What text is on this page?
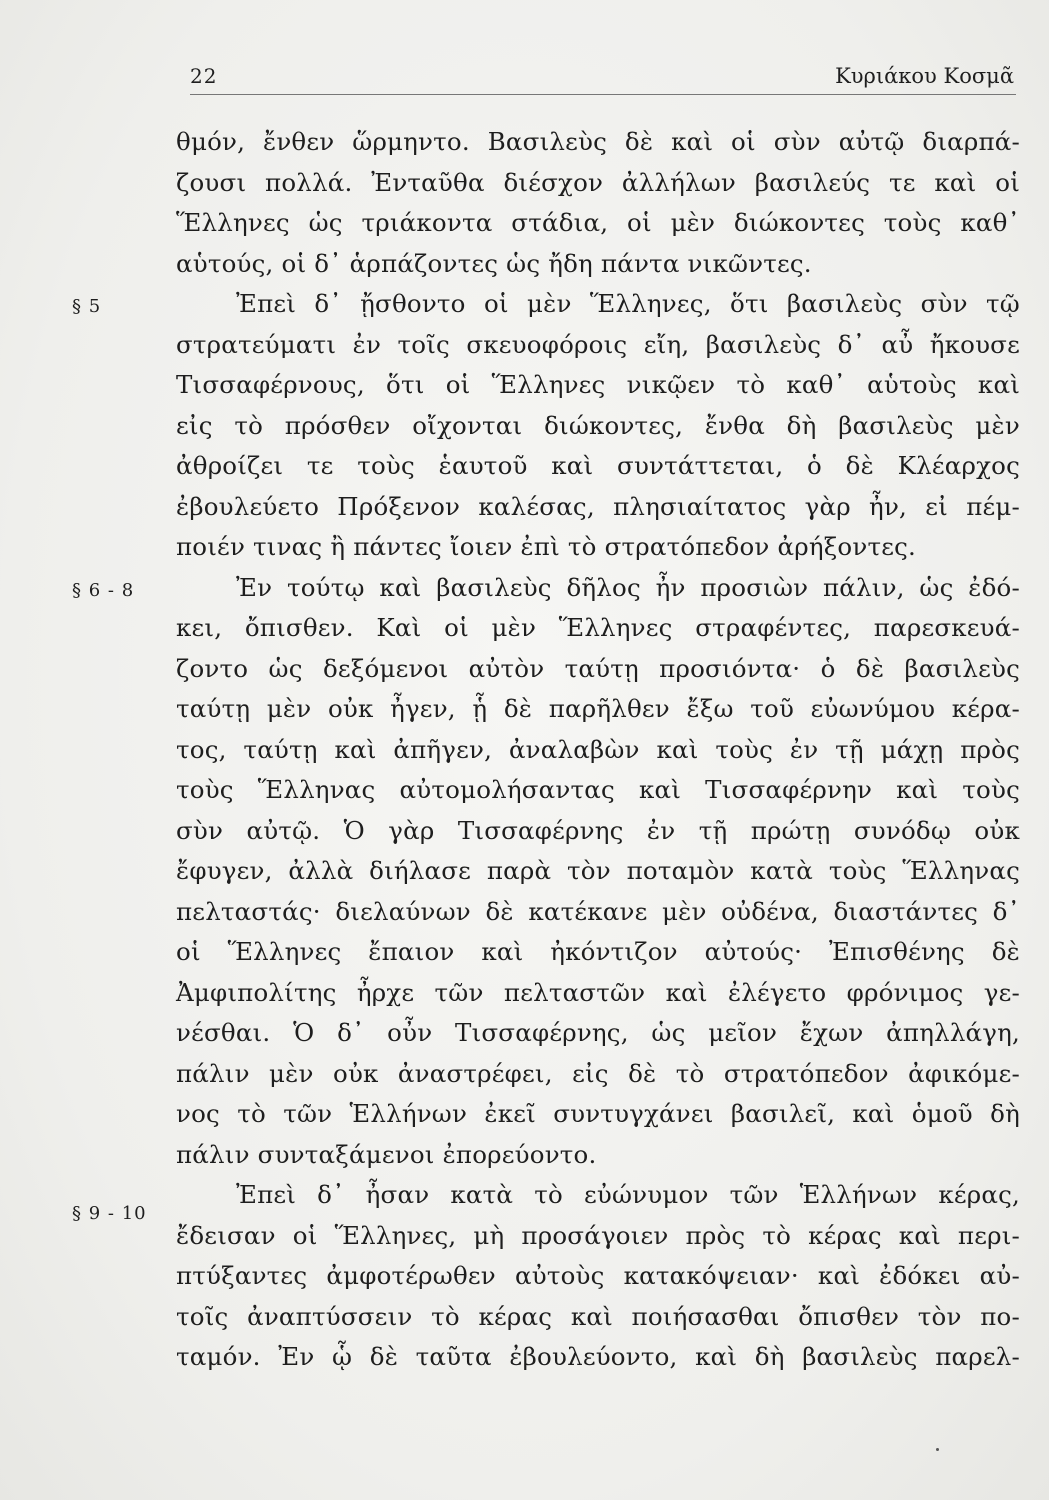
22	Κυριάκου Κοσμᾶ
§ 5
§ 6 - 8
§ 9 - 10
θμόν, ἔνθεν ὥρμηντο. Βασιλεὺς δὲ καὶ οἱ σὺν αὐτῷ διαρπά-
ζουσι πολλά. Ἐνταῦθα διέσχον ἀλλήλων βασιλεύς τε καὶ οἱ
Ἕλληνες ὡς τριάκοντα στάδια, οἱ μὲν διώκοντες τοὺς καθ᾽
αὑτούς, οἱ δ᾽ ἁρπάζοντες ὡς ἤδη πάντα νικῶντες.
Ἐπεὶ δ᾽ ᾔσθοντο οἱ μὲν Ἕλληνες, ὅτι βασιλεὺς σὺν τῷ
στρατεύματι ἐν τοῖς σκευοφόροις εἴη, βασιλεὺς δ᾽ αὖ ἤκουσε
Τισσαφέρνους, ὅτι οἱ Ἕλληνες νικῷεν τὸ καθ᾽ αὑτοὺς καὶ
εἰς τὸ πρόσθεν οἴχονται διώκοντες, ἔνθα δὴ βασιλεὺς μὲν
ἀθροίζει τε τοὺς ἑαυτοῦ καὶ συντάττεται, ὁ δὲ Κλέαρχος
ἐβουλεύετο Πρόξενον καλέσας, πλησιαίτατος γὰρ ἦν, εἰ πέμ-
ποιέν τινας ἢ πάντες ἴοιεν ἐπὶ τὸ στρατόπεδον ἀρήξοντες.
Ἐν τούτῳ καὶ βασιλεὺς δῆλος ἦν προσιὼν πάλιν, ὡς ἐδό-
κει, ὄπισθεν. Καὶ οἱ μὲν Ἕλληνες στραφέντες, παρεσκευά-
ζοντο ὡς δεξόμενοι αὐτὸν ταύτῃ προσιόντα· ὁ δὲ βασιλεὺς
ταύτῃ μὲν οὐκ ἦγεν, ᾗ δὲ παρῆλθεν ἔξω τοῦ εὐωνύμου κέρα-
τος, ταύτῃ καὶ ἀπῆγεν, ἀναλαβὼν καὶ τοὺς ἐν τῇ μάχῃ πρὸς
τοὺς Ἕλληνας αὐτομολήσαντας καὶ Τισσαφέρνην καὶ τοὺς
σὺν αὐτῷ. Ὁ γὰρ Τισσαφέρνης ἐν τῇ πρώτῃ συνόδῳ οὐκ
ἔφυγεν, ἀλλὰ διήλασε παρὰ τὸν ποταμὸν κατὰ τοὺς Ἕλληνας
πελταστάς· διελαύνων δὲ κατέκανε μὲν οὐδένα, διαστάντες δ᾽
οἱ Ἕλληνες ἔπαιον καὶ ἠκόντιζον αὐτούς· Ἐπισθένης δὲ
Ἀμφιπολίτης ἦρχε τῶν πελταστῶν καὶ ἐλέγετο φρόνιμος γε-
νέσθαι. Ὁ δ᾽ οὖν Τισσαφέρνης, ὡς μεῖον ἔχων ἀπηλλάγη,
πάλιν μὲν οὐκ ἀναστρέφει, εἰς δὲ τὸ στρατόπεδον ἀφικόμε-
νος τὸ τῶν Ἑλλήνων ἐκεῖ συντυγχάνει βασιλεῖ, καὶ ὁμοῦ δὴ
πάλιν συνταξάμενοι ἐπορεύοντο.
Ἐπεὶ δ᾽ ἦσαν κατὰ τὸ εὐώνυμον τῶν Ἑλλήνων κέρας,
ἔδεισαν οἱ Ἕλληνες, μὴ προσάγοιεν πρὸς τὸ κέρας καὶ περι-
πτύξαντες ἀμφοτέρωθεν αὐτοὺς κατακόψειαν· καὶ ἐδόκει αὐ-
τοῖς ἀναπτύσσειν τὸ κέρας καὶ ποιήσασθαι ὄπισθεν τὸν πο-
ταμόν. Ἐν ᾧ δὲ ταῦτα ἐβουλεύοντο, καὶ δὴ βασιλεὺς παρελ-
